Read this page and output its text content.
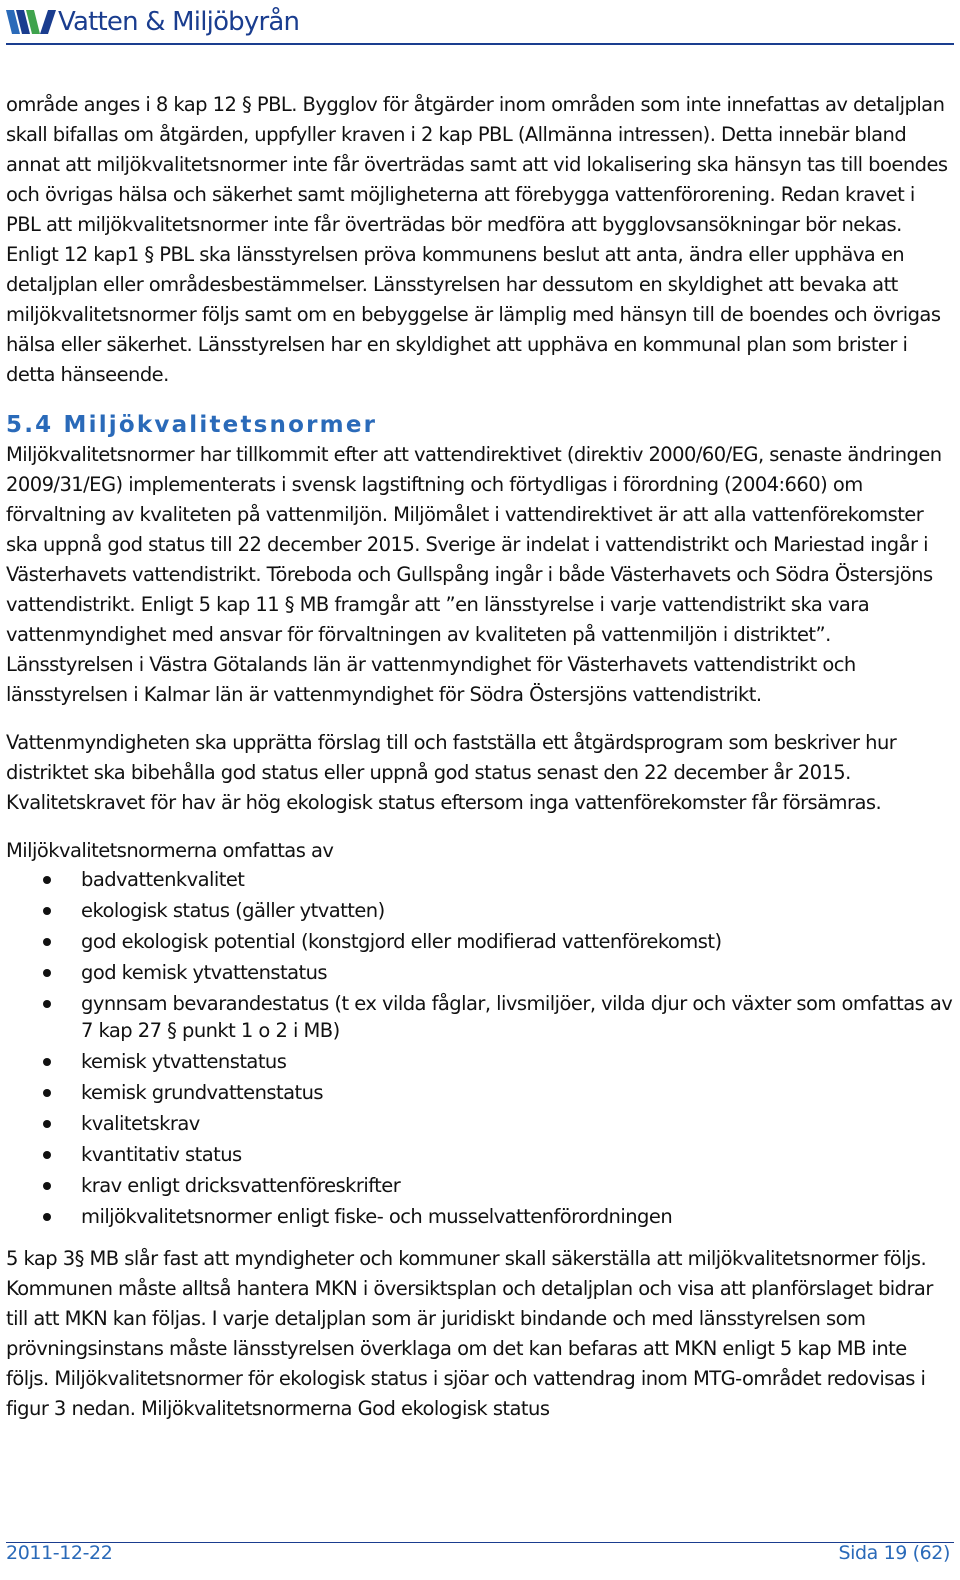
Vatten & Miljöbyrån

område anges i 8 kap 12 § PBL. Bygglov för åtgärder inom områden som inte innefattas av detaljplan skall bifallas om åtgärden, uppfyller kraven i 2 kap PBL (Allmänna intressen). Detta innebär bland annat att miljökvalitetsnormer inte får överträdas samt att vid lokalisering ska hänsyn tas till boendes och övrigas hälsa och säkerhet samt möjligheterna att förebygga vattenförorening. Redan kravet i PBL att miljökvalitetsnormer inte får överträdas bör medföra att bygglovsansökningar bör nekas. Enligt 12 kap1 § PBL ska länsstyrelsen pröva kommunens beslut att anta, ändra eller upphäva en detaljplan eller områdesbestämmelser. Länsstyrelsen har dessutom en skyldighet att bevaka att miljökvalitetsnormer följs samt om en bebyggelse är lämplig med hänsyn till de boendes och övrigas hälsa eller säkerhet. Länsstyrelsen har en skyldighet att upphäva en kommunal plan som brister i detta hänseende.

5.4 Miljökvalitetsnormer

Miljökvalitetsnormer har tillkommit efter att vattendirektivet (direktiv 2000/60/EG, senaste ändringen 2009/31/EG) implementerats i svensk lagstiftning och förtydligas i förordning (2004:660) om förvaltning av kvaliteten på vattenmiljön. Miljömålet i vattendirektivet är att alla vattenförekomster ska uppnå god status till 22 december 2015. Sverige är indelat i vattendistrikt och Mariestad ingår i Västerhavets vattendistrikt. Töreboda och Gullspång ingår i både Västerhavets och Södra Östersjöns vattendistrikt. Enligt 5 kap 11 § MB framgår att ”en länsstyrelse i varje vattendistrikt ska vara vattenmyndighet med ansvar för förvaltningen av kvaliteten på vattenmiljön i distriktet”. Länsstyrelsen i Västra Götalands län är vattenmyndighet för Västerhavets vattendistrikt och länsstyrelsen i Kalmar län är vattenmyndighet för Södra Östersjöns vattendistrikt.

Vattenmyndigheten ska upprätta förslag till och fastställa ett åtgärdsprogram som beskriver hur distriktet ska bibehålla god status eller uppnå god status senast den 22 december år 2015. Kvalitetskravet för hav är hög ekologisk status eftersom inga vattenförekomster får försämras.

Miljökvalitetsnormerna omfattas av

badvattenkvalitet
ekologisk status (gäller ytvatten)
god ekologisk potential (konstgjord eller modifierad vattenförekomst)
god kemisk ytvattenstatus
gynnsam bevarandestatus (t ex vilda fåglar, livsmiljöer, vilda djur och växter som omfattas av 7 kap 27 § punkt 1 o 2 i MB)
kemisk ytvattenstatus
kemisk grundvattenstatus
kvalitetskrav
kvantitativ status
krav enligt dricksvattenföreskrifter
miljökvalitetsnormer enligt fiske- och musselvattenförordningen

5 kap 3§ MB slår fast att myndigheter och kommuner skall säkerställa att miljökvalitetsnormer följs. Kommunen måste alltså hantera MKN i översiktsplan och detaljplan och visa att planförslaget bidrar till att MKN kan följas. I varje detaljplan som är juridiskt bindande och med länsstyrelsen som prövningsinstans måste länsstyrelsen överklaga om det kan befaras att MKN enligt 5 kap MB inte följs. Miljökvalitetsnormer för ekologisk status i sjöar och vattendrag inom MTG-området redovisas i figur 3 nedan. Miljökvalitetsnormerna God ekologisk status

2011-12-22	Sida 19 (62)
